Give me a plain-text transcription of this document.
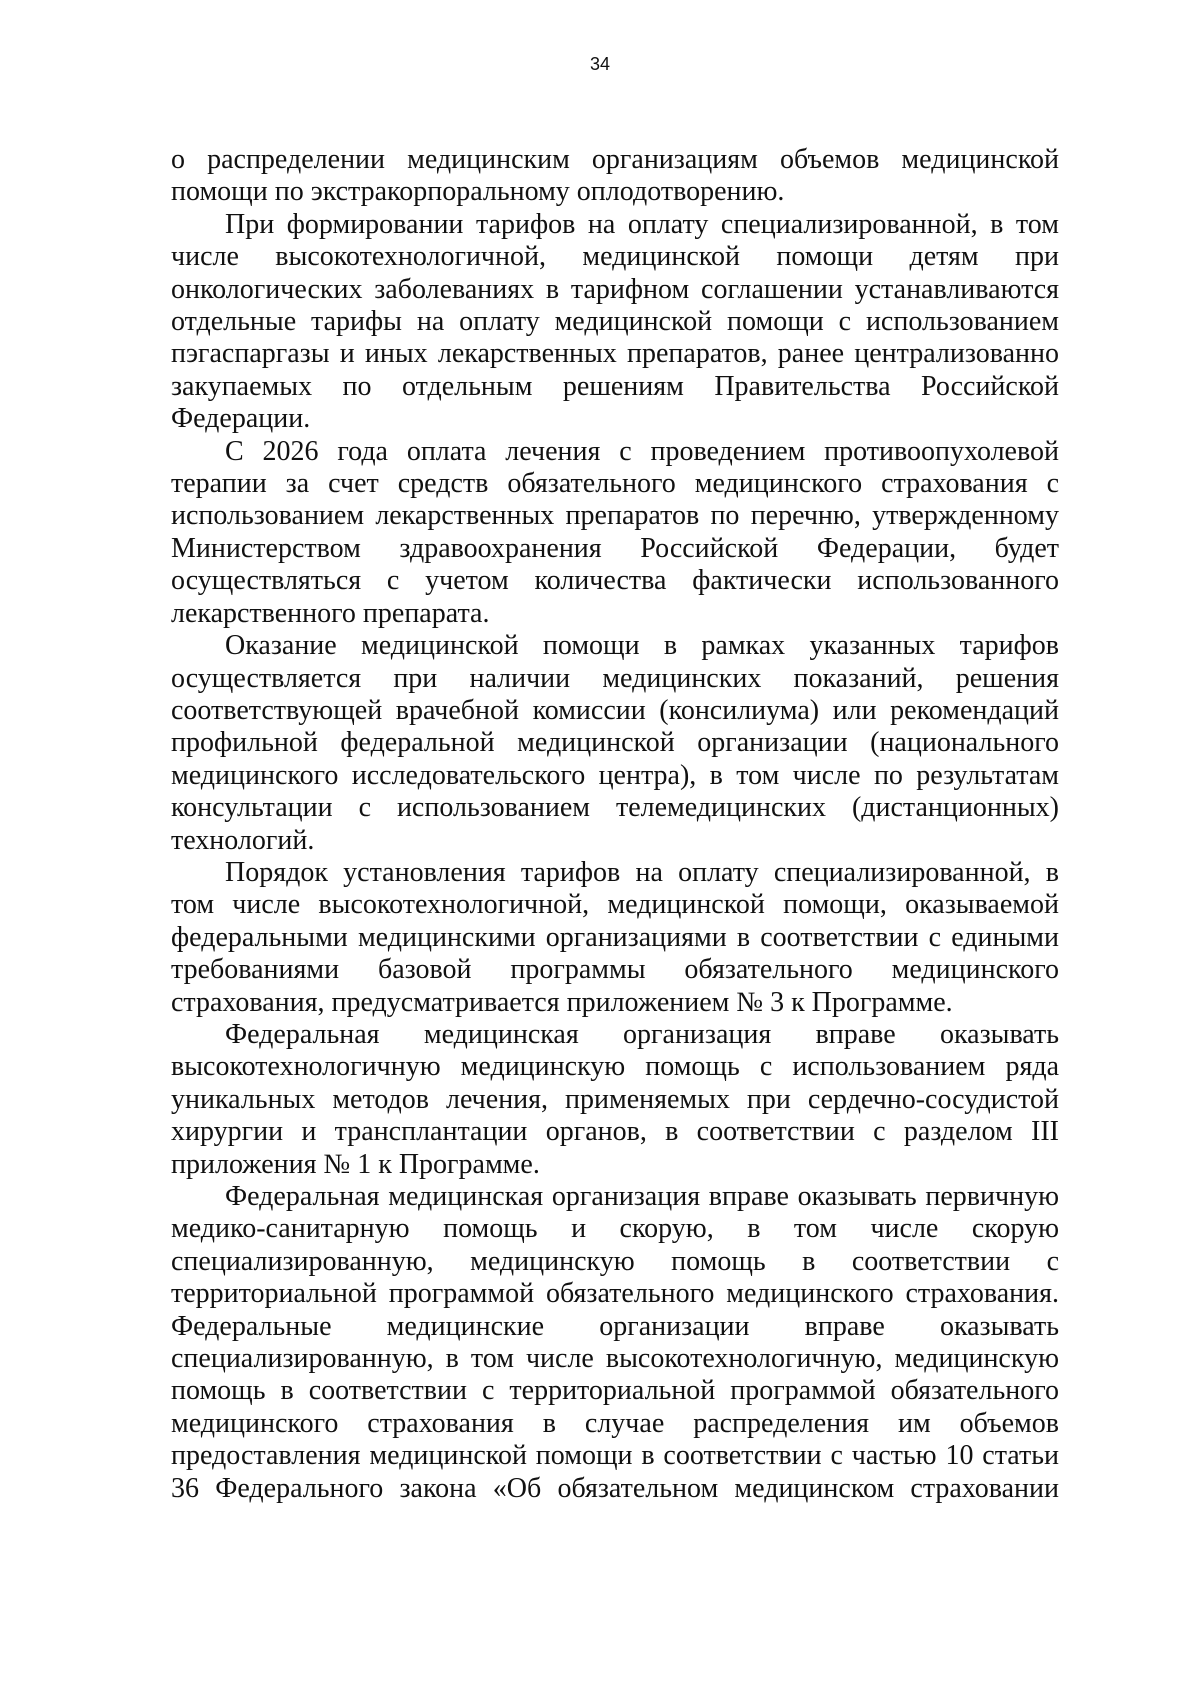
34

о распределении медицинским организациям объемов медицинской помощи по экстракорпоральному оплодотворению.

При формировании тарифов на оплату специализированной, в том числе высокотехнологичной, медицинской помощи детям при онкологических заболеваниях в тарифном соглашении устанавливаются отдельные тарифы на оплату медицинской помощи с использованием пэгаспаргазы и иных лекарственных препаратов, ранее централизованно закупаемых по отдельным решениям Правительства Российской Федерации.

С 2026 года оплата лечения с проведением противоопухолевой терапии за счет средств обязательного медицинского страхования с использованием лекарственных препаратов по перечню, утвержденному Министерством здравоохранения Российской Федерации, будет осуществляться с учетом количества фактически использованного лекарственного препарата.

Оказание медицинской помощи в рамках указанных тарифов осуществляется при наличии медицинских показаний, решения соответствующей врачебной комиссии (консилиума) или рекомендаций профильной федеральной медицинской организации (национального медицинского исследовательского центра), в том числе по результатам консультации с использованием телемедицинских (дистанционных) технологий.

Порядок установления тарифов на оплату специализированной, в том числе высокотехнологичной, медицинской помощи, оказываемой федеральными медицинскими организациями в соответствии с едиными требованиями базовой программы обязательного медицинского страхования, предусматривается приложением № 3 к Программе.

Федеральная медицинская организация вправе оказывать высокотехнологичную медицинскую помощь с использованием ряда уникальных методов лечения, применяемых при сердечно-сосудистой хирургии и трансплантации органов, в соответствии с разделом III приложения № 1 к Программе.

Федеральная медицинская организация вправе оказывать первичную медико-санитарную помощь и скорую, в том числе скорую специализированную, медицинскую помощь в соответствии с территориальной программой обязательного медицинского страхования. Федеральные медицинские организации вправе оказывать специализированную, в том числе высокотехнологичную, медицинскую помощь в соответствии с территориальной программой обязательного медицинского страхования в случае распределения им объемов предоставления медицинской помощи в соответствии с частью 10 статьи 36 Федерального закона «Об обязательном медицинском страховании
